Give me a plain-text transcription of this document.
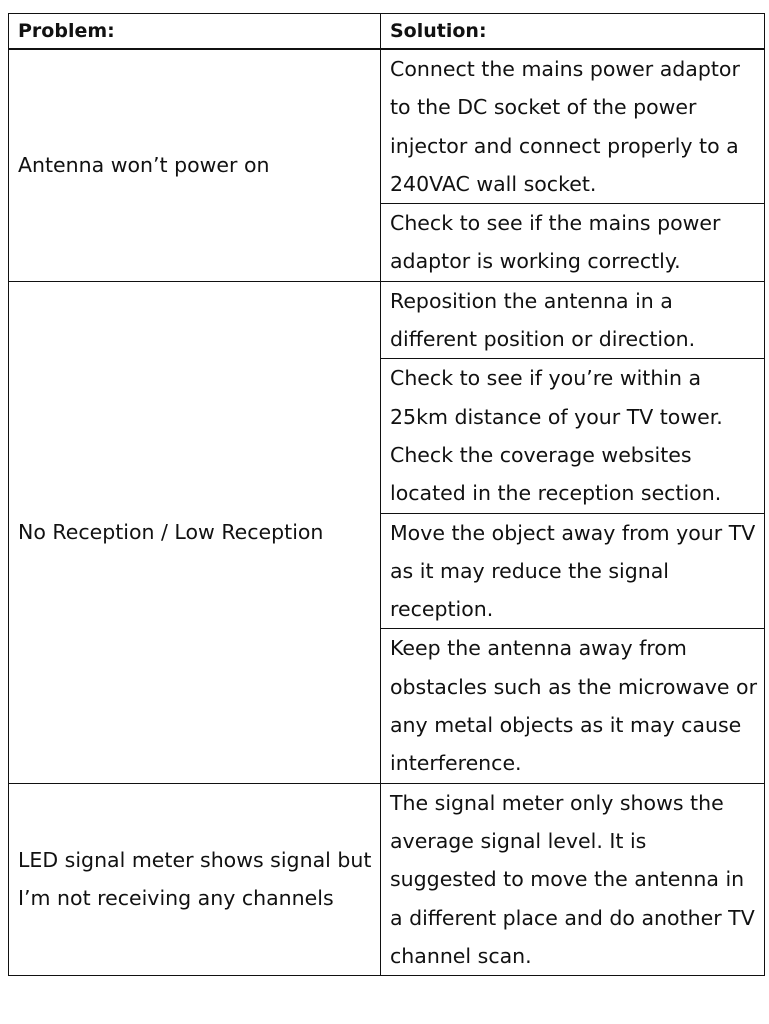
Problem:	Solution:
Antenna won’t power on	Connect the mains power adaptor to the DC socket of the power injector and connect properly to a 240VAC wall socket.
	Check to see if the mains power adaptor is working correctly.
No Reception / Low Reception	Reposition the antenna in a different position or direction.
	Check to see if you’re within a 25km distance of your TV tower. Check the coverage websites located in the reception section.
	Move the object away from your TV as it may reduce the signal reception.
	Keep the antenna away from obstacles such as the microwave or any metal objects as it may cause interference.
LED signal meter shows signal but I’m not receiving any channels	The signal meter only shows the average signal level. It is suggested to move the antenna in a different place and do another TV channel scan.
